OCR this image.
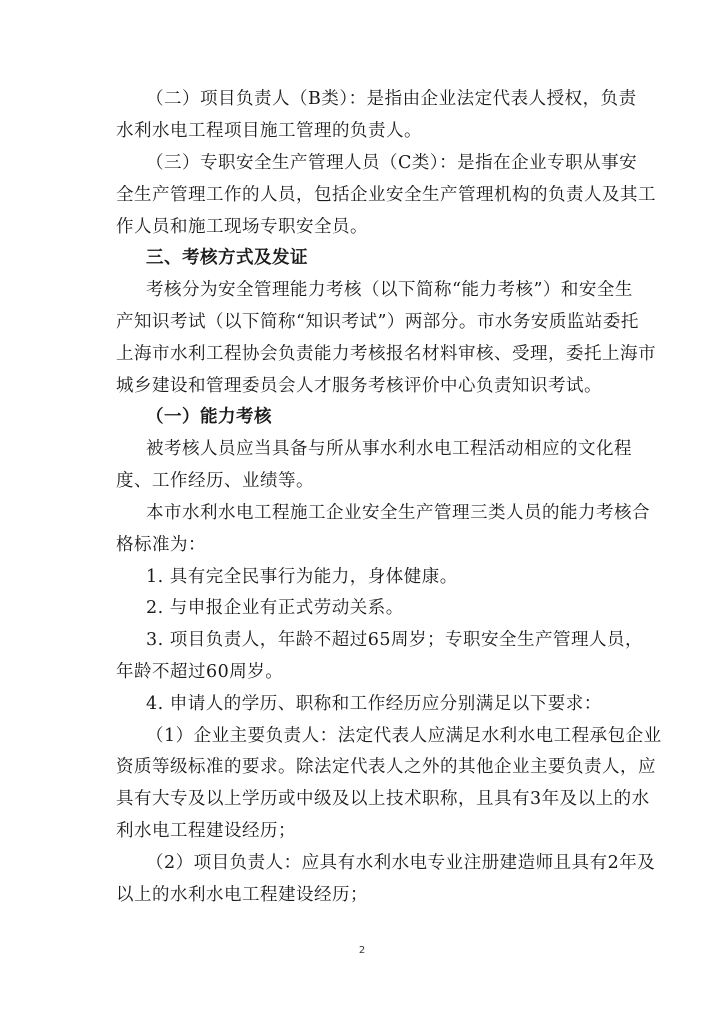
（二）项目负责人（B类）：是指由企业法定代表人授权，负责

水利水电工程项目施工管理的负责人。

（三）专职安全生产管理人员（C类）：是指在企业专职从事安

全生产管理工作的人员，包括企业安全生产管理机构的负责人及其工

作人员和施工现场专职安全员。

三、考核方式及发证

考核分为安全管理能力考核（以下简称“能力考核”）和安全生

产知识考试（以下简称“知识考试”）两部分。市水务安质监站委托

上海市水利工程协会负责能力考核报名材料审核、受理，委托上海市

城乡建设和管理委员会人才服务考核评价中心负责知识考试。

（一）能力考核

被考核人员应当具备与所从事水利水电工程活动相应的文化程

度、工作经历、业绩等。

本市水利水电工程施工企业安全生产管理三类人员的能力考核合

格标准为：

1. 具有完全民事行为能力，身体健康。

2. 与申报企业有正式劳动关系。

3. 项目负责人，年龄不超过65周岁；专职安全生产管理人员，

年龄不超过60周岁。

4. 申请人的学历、职称和工作经历应分别满足以下要求：

（1）企业主要负责人：法定代表人应满足水利水电工程承包企业

资质等级标准的要求。除法定代表人之外的其他企业主要负责人，应

具有大专及以上学历或中级及以上技术职称，且具有3年及以上的水

利水电工程建设经历；

（2）项目负责人：应具有水利水电专业注册建造师且具有2年及

以上的水利水电工程建设经历；

2
